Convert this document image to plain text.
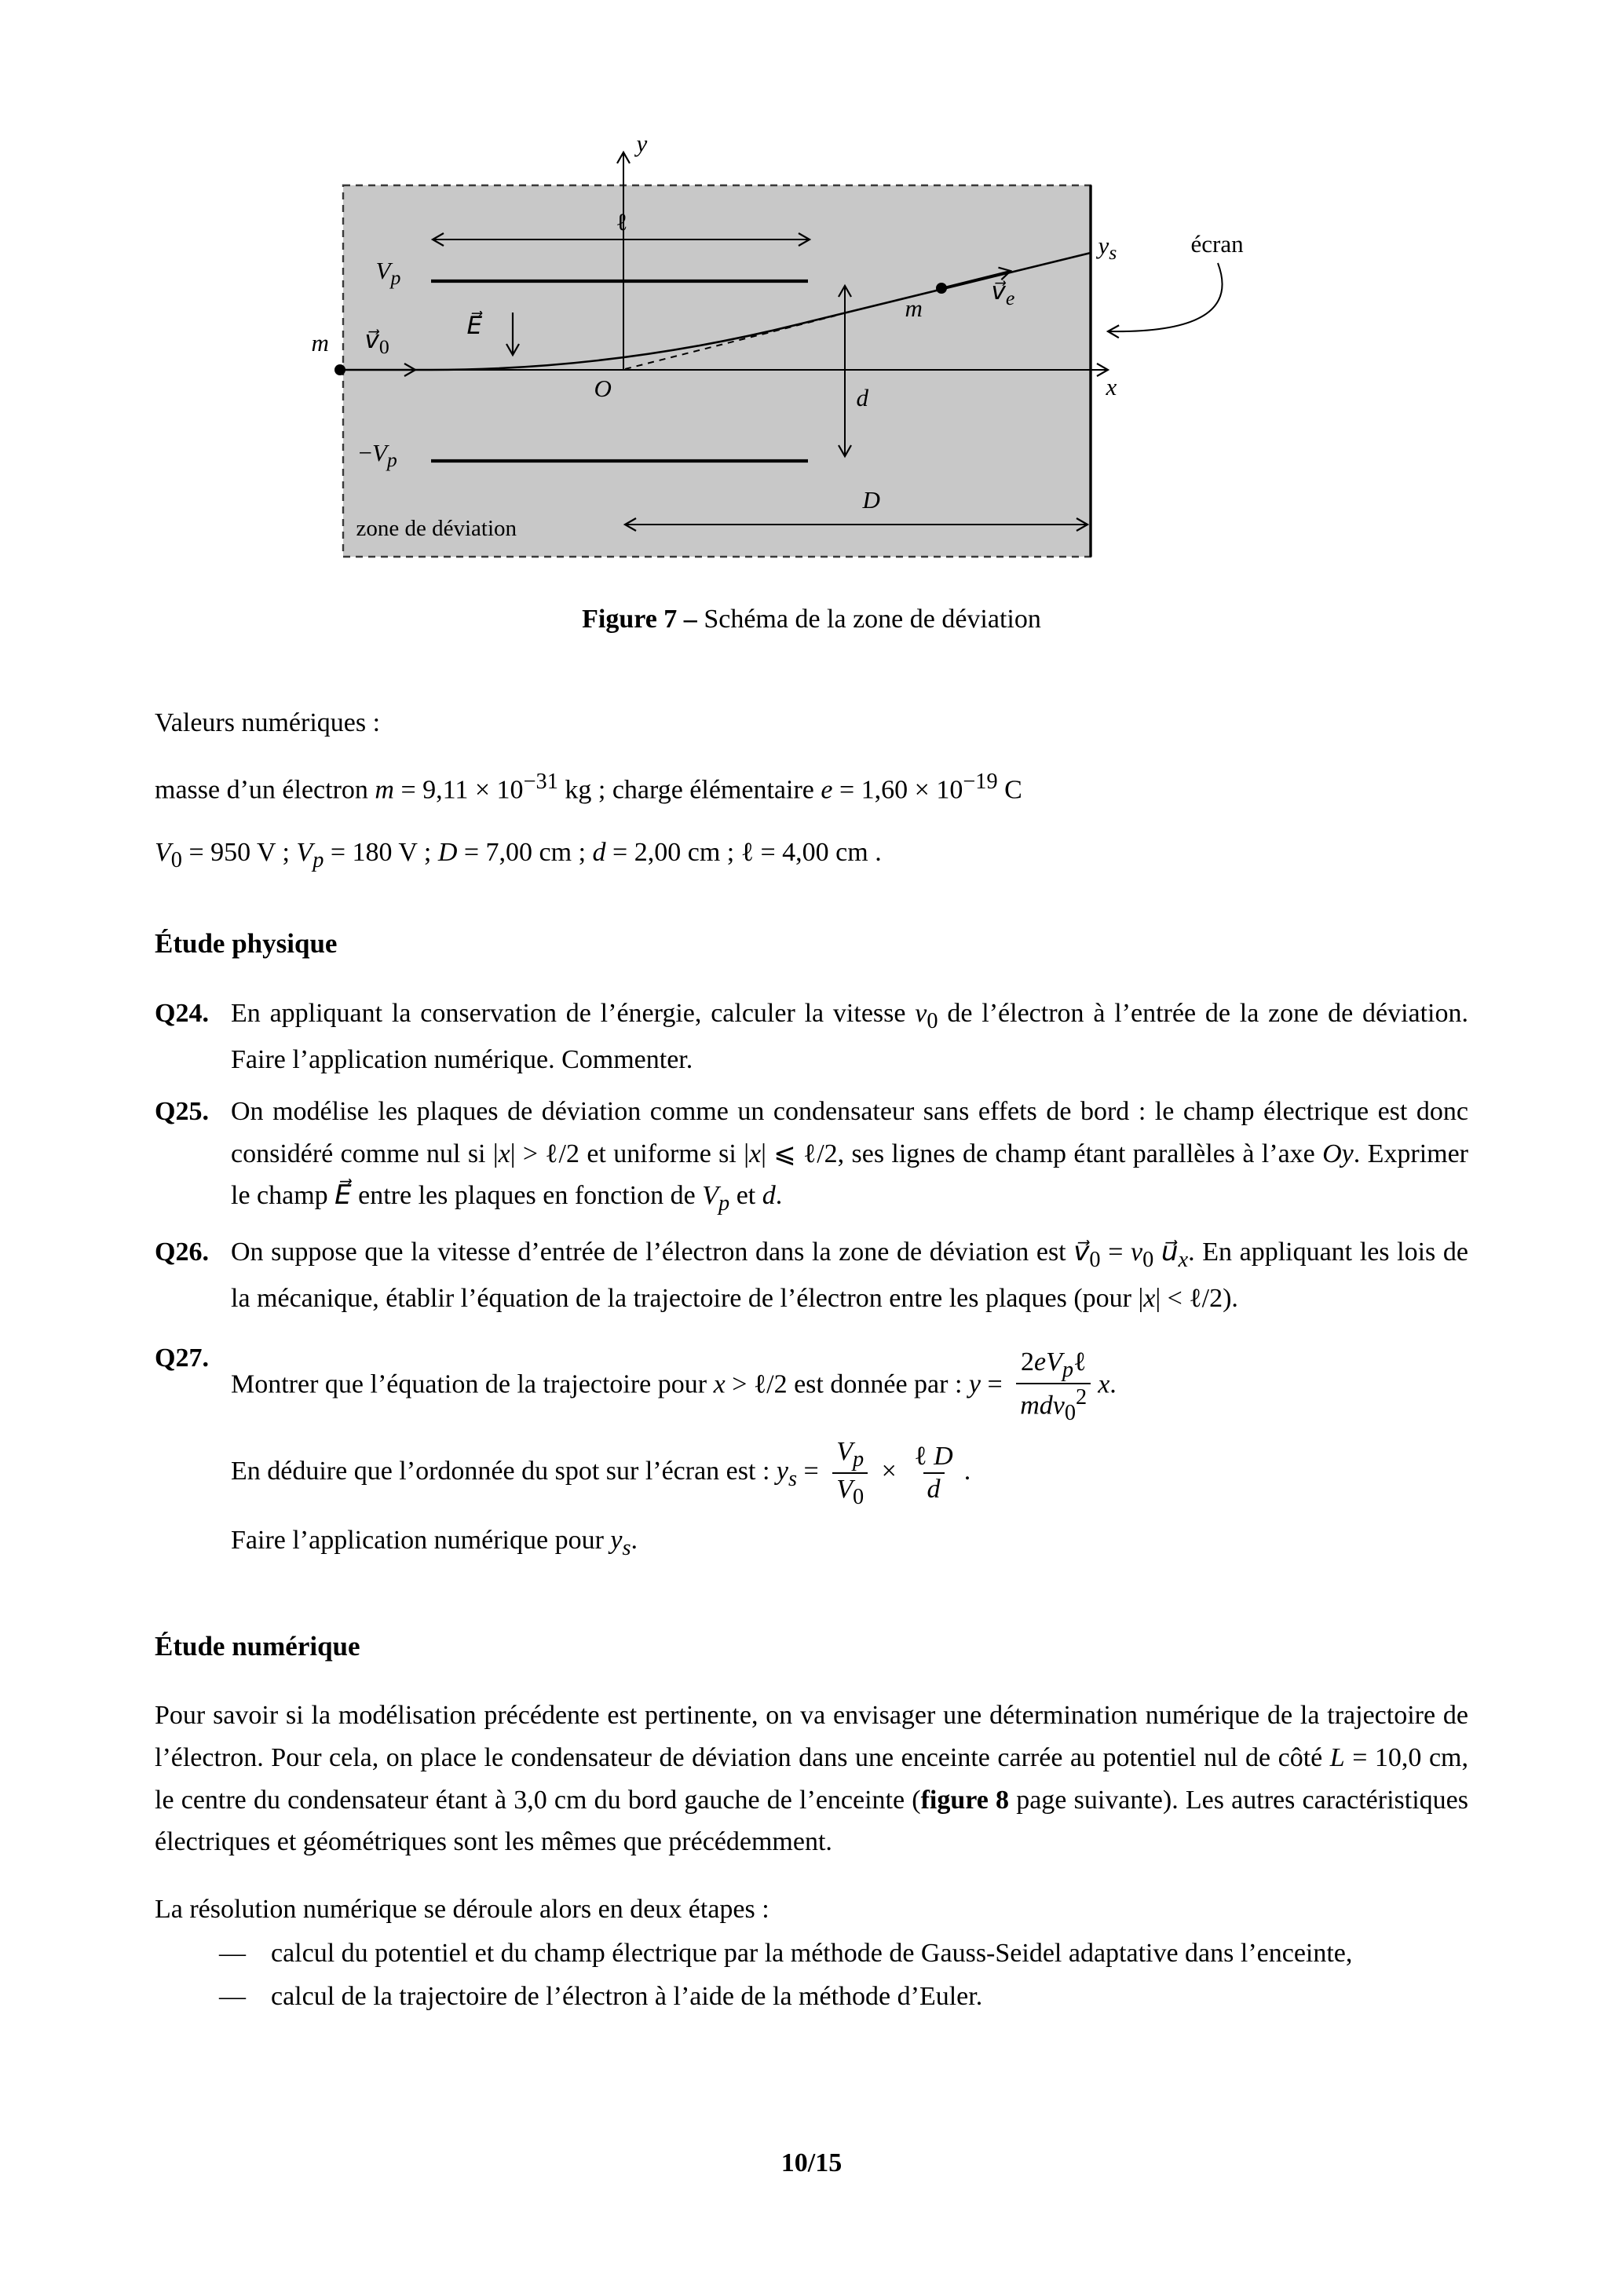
y
x
ℓ
$V_p$
$-V_p$
E⃗
m $v⃗_0$
O	d
D
$y_s$	écran
m
$v⃗_e$
zone de déviation
Figure 7 – Schéma de la zone de déviation

Valeurs numériques :

masse d’un électron $m = 9,11 \times 10^{-31}$ kg ; charge élémentaire $e = 1,60 \times 10^{-19}$ C

$V_0 = 950$ V ; $V_p = 180$ V ; D = 7,00 cm ; d = 2,00 cm ; ℓ = 4,00 cm .

Étude physique
Q24. En appliquant la conservation de l’énergie, calculer la vitesse $v_0$ de l’électron à l’entrée de la zone de déviation. Faire l’application numérique. Commenter.
Q25. On modélise les plaques de déviation comme un condensateur sans effets de bord : le champ électrique est donc considéré comme nul si |x| > ℓ/2 et uniforme si |x| ⩽ ℓ/2, ses lignes de champ étant parallèles à l’axe Oy. Exprimer le champ E⃗ entre les plaques en fonction de $V_p$ et d.
Q26. On suppose que la vitesse d’entrée de l’électron dans la zone de déviation est $v⃗_0 = v_0$ $u⃗_x$. En appliquant les lois de la mécanique, établir l’équation de la trajectoire de l’électron entre les plaques (pour |x| < ℓ/2).
Q27.
Montrer que l’équation de la trajectoire pour x > ℓ/2 est donnée par : $y = \frac{2eV_p\ell}{mdv_0^2} x$.
En déduire que l’ordonnée du spot sur l’écran est : $y_s = \frac{V_p}{V_0} \times \frac{\text{ℓ D}}{d}$ .
Faire l’application numérique pour $y_s$.
Étude numérique

Pour savoir si la modélisation précédente est pertinente, on va envisager une détermination numérique de la trajectoire de l’électron. Pour cela, on place le condensateur de déviation dans une enceinte carrée au potentiel nul de côté L = 10,0 cm, le centre du condensateur étant à 3,0 cm du bord gauche de l’enceinte (figure 8 page suivante). Les autres caractéristiques électriques et géométriques sont les mêmes que précédemment.

La résolution numérique se déroule alors en deux étapes :

— calcul du potentiel et du champ électrique par la méthode de Gauss-Seidel adaptative dans l’enceinte,
— calcul de la trajectoire de l’électron à l’aide de la méthode d’Euler.
10/15
